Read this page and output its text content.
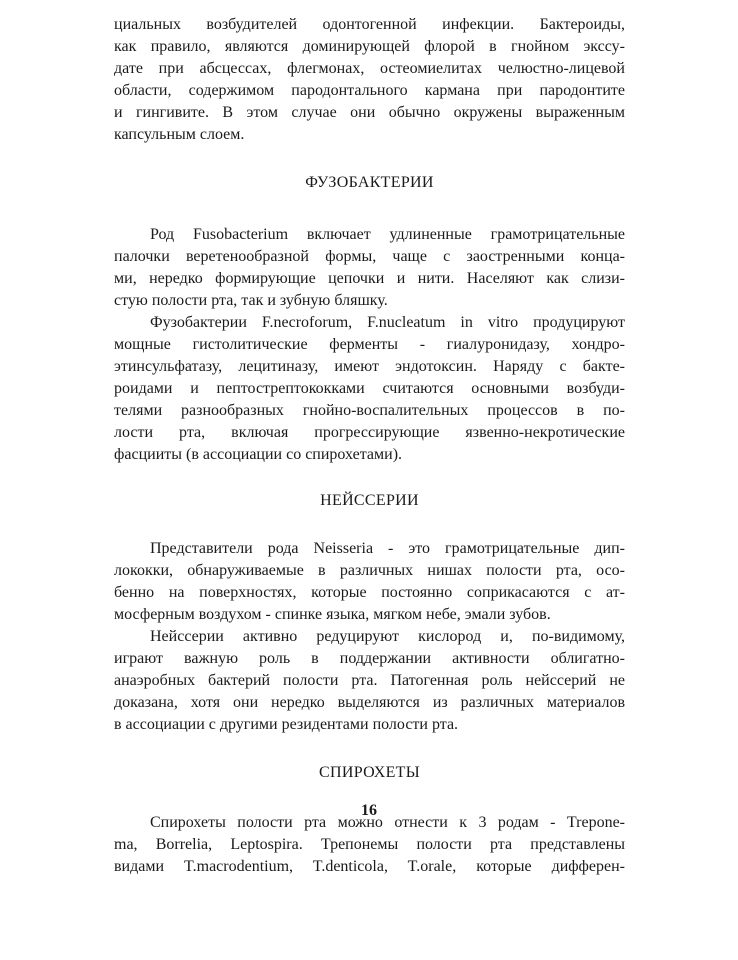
циальных возбудителей одонтогенной инфекции. Бактероиды,
как правило, являются доминирующей флорой в гнойном экссу-
дате при абсцессах, флегмонах, остеомиелитах челюстно-лицевой
области, содержимом пародонтального кармана при пародонтите
и гингивите. В этом случае они обычно окружены выраженным
капсульным слоем.

ФУЗОБАКТЕРИИ

Род Fusobacterium включает удлиненные грамотрицательные
палочки веретенообразной формы, чаще с заостренными конца-
ми, нередко формирующие цепочки и нити. Населяют как слизи-
стую полости рта, так и зубную бляшку.

Фузобактерии F.necroforum, F.nucleatum in vitro продуцируют
мощные гистолитические ферменты - гиалуронидазу, хондро-
этинсульфатазу, лецитиназу, имеют эндотоксин. Наряду с бакте-
роидами и пептострептококками считаются основными возбуди-
телями разнообразных гнойно-воспалительных процессов в по-
лости рта, включая прогрессирующие язвенно-некротические
фасцииты (в ассоциации со спирохетами).

НЕЙССЕРИИ

Представители рода Neisseria - это грамотрицательные дип-
лококки, обнаруживаемые в различных нишах полости рта, осо-
бенно на поверхностях, которые постоянно соприкасаются с ат-
мосферным воздухом - спинке языка, мягком небе, эмали зубов.

Нейссерии активно редуцируют кислород и, по-видимому,
играют важную роль в поддержании активности облигатно-
анаэробных бактерий полости рта. Патогенная роль нейссерий не
доказана, хотя они нередко выделяются из различных материалов
в ассоциации с другими резидентами полости рта.

СПИРОХЕТЫ

Спирохеты полости рта можно отнести к 3 родам - Trepone-
ma, Borrelia, Leptospira. Трепонемы полости рта представлены
видами T.macrodentium, T.denticola, T.orale, которые дифферен-

16
